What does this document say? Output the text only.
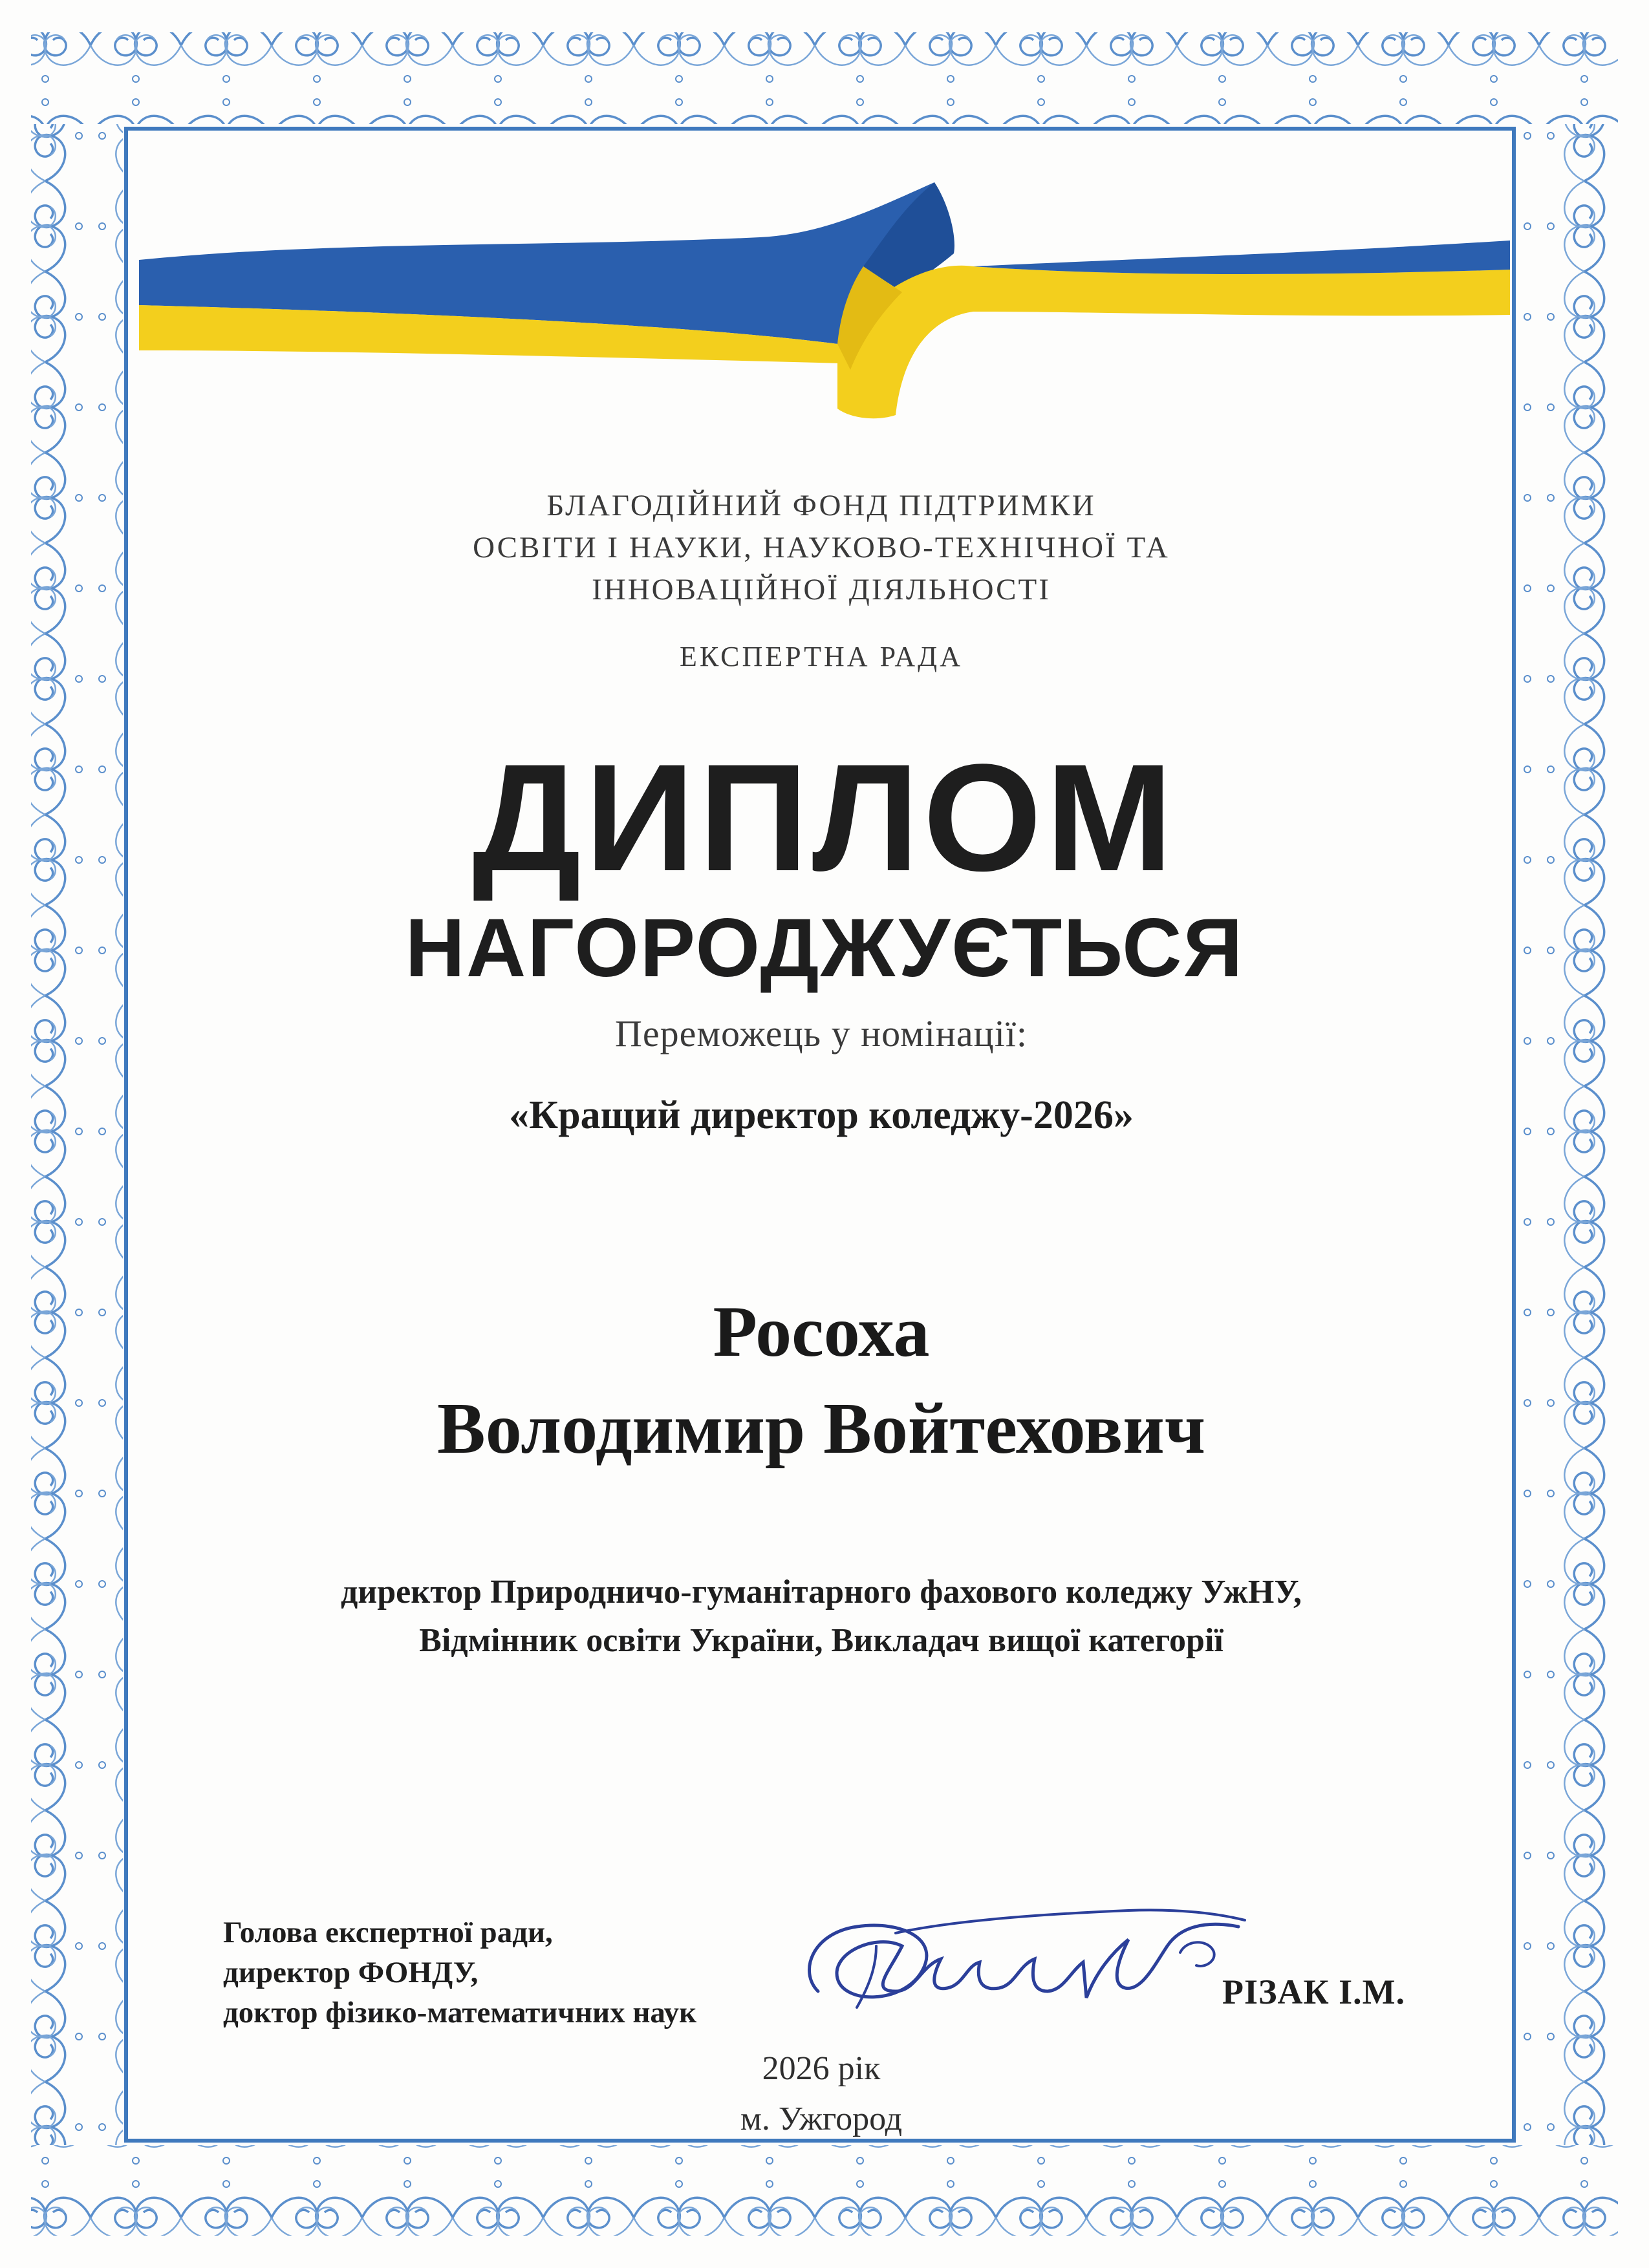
БЛАГОДІЙНИЙ ФОНД ПІДТРИМКИ
ОСВІТИ І НАУКИ, НАУКОВО-ТЕХНІЧНОЇ ТА
ІННОВАЦІЙНОЇ ДІЯЛЬНОСТІ
ЕКСПЕРТНА РАДА
ДИПЛОМ
НАГОРОДЖУЄТЬСЯ
Переможець у номінації:
«Кращий директор коледжу-2026»
Росоха
Володимир Войтехович
директор Природничо-гуманітарного фахового коледжу УжНУ,
Відмінник освіти України, Викладач вищої категорії
Голова експертної ради,
директор ФОНДУ,
доктор фізико-математичних наук
РІЗАК І.М.
2026 рік
м. Ужгород
